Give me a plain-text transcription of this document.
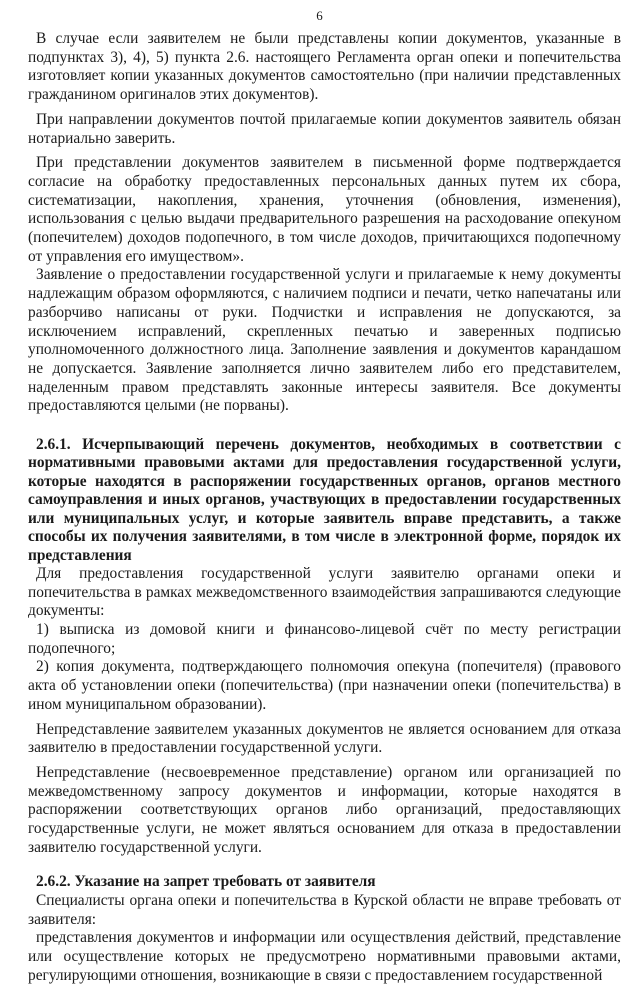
6

В случае если заявителем не были представлены копии документов, указанные в подпунктах 3), 4), 5) пункта 2.6. настоящего Регламента орган опеки и попечительства изготовляет копии указанных документов самостоятельно (при наличии представленных гражданином оригиналов этих документов).

При направлении документов почтой прилагаемые копии документов заявитель обязан нотариально заверить.

При представлении документов заявителем в письменной форме подтверждается согласие на обработку предоставленных персональных данных путем их сбора, систематизации, накопления, хранения, уточнения (обновления, изменения), использования с целью выдачи предварительного разрешения на расходование опекуном (попечителем) доходов подопечного, в том числе доходов, причитающихся подопечному от управления его имуществом».

Заявление о предоставлении государственной услуги и прилагаемые к нему документы надлежащим образом оформляются, с наличием подписи и печати, четко напечатаны или разборчиво написаны от руки. Подчистки и исправления не допускаются, за исключением исправлений, скрепленных печатью и заверенных подписью уполномоченного должностного лица. Заполнение заявления и документов карандашом не допускается. Заявление заполняется лично заявителем либо его представителем, наделенным правом представлять законные интересы заявителя. Все документы предоставляются целыми (не порваны).

2.6.1. Исчерпывающий перечень документов, необходимых в соответствии с нормативными правовыми актами для предоставления государственной услуги, которые находятся в распоряжении государственных органов, органов местного самоуправления и иных органов, участвующих в предоставлении государственных или муниципальных услуг, и которые заявитель вправе представить, а также способы их получения заявителями, в том числе в электронной форме, порядок их представления

Для предоставления государственной услуги заявителю органами опеки и попечительства в рамках межведомственного взаимодействия запрашиваются следующие документы:

1) выписка из домовой книги и финансово-лицевой счёт по месту регистрации подопечного;

2) копия документа, подтверждающего полномочия опекуна (попечителя) (правового акта об установлении опеки (попечительства) (при назначении опеки (попечительства) в ином муниципальном образовании).

Непредставление заявителем указанных документов не является основанием для отказа заявителю в предоставлении государственной услуги.

Непредставление (несвоевременное представление) органом или организацией по межведомственному запросу документов и информации, которые находятся в распоряжении соответствующих органов либо организаций, предоставляющих государственные услуги, не может являться основанием для отказа в предоставлении заявителю государственной услуги.

2.6.2. Указание на запрет требовать от заявителя

Специалисты органа опеки и попечительства в Курской области не вправе требовать от заявителя:

представления документов и информации или осуществления действий, представление или осуществление которых не предусмотрено нормативными правовыми актами, регулирующими отношения, возникающие в связи с предоставлением государственной
